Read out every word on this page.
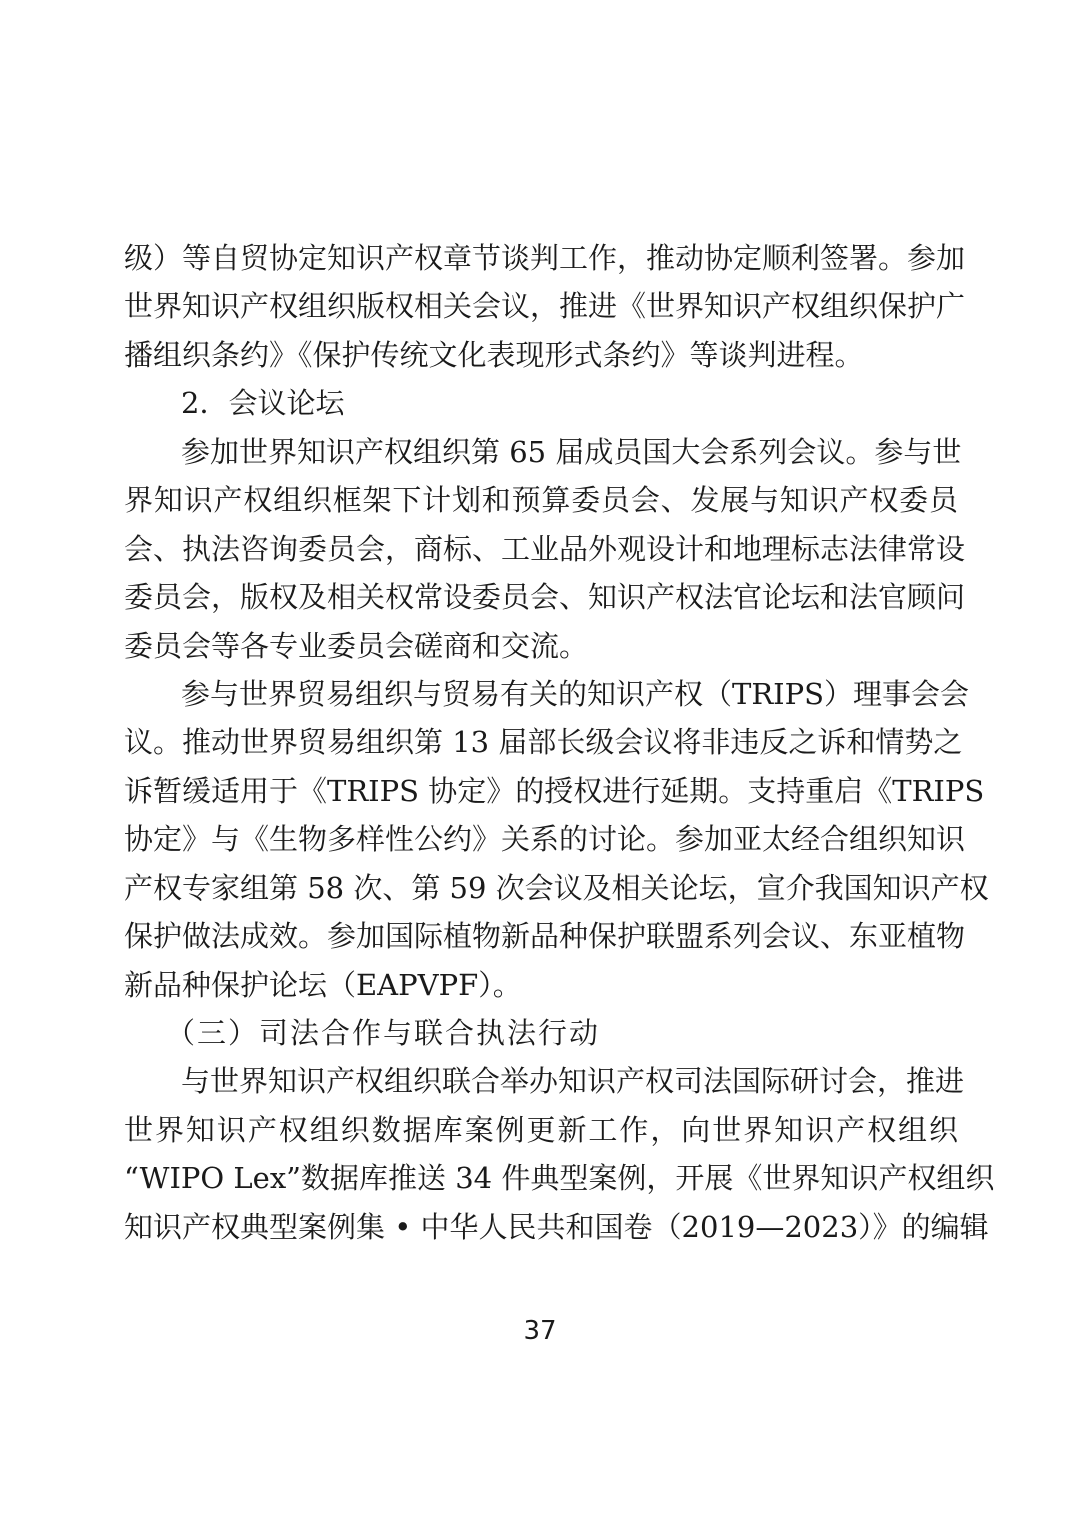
级）等自贸协定知识产权章节谈判工作，推动协定顺利签署。参加
世界知识产权组织版权相关会议，推进《世界知识产权组织保护广
播组织条约》《保护传统文化表现形式条约》等谈判进程。
2．会议论坛
参加世界知识产权组织第 65 届成员国大会系列会议。参与世
界知识产权组织框架下计划和预算委员会、发展与知识产权委员
会、执法咨询委员会，商标、工业品外观设计和地理标志法律常设
委员会，版权及相关权常设委员会、知识产权法官论坛和法官顾问
委员会等各专业委员会磋商和交流。
参与世界贸易组织与贸易有关的知识产权（TRIPS）理事会会
议。推动世界贸易组织第 13 届部长级会议将非违反之诉和情势之
诉暂缓适用于《TRIPS 协定》的授权进行延期。支持重启《TRIPS
协定》与《生物多样性公约》关系的讨论。参加亚太经合组织知识
产权专家组第 58 次、第 59 次会议及相关论坛，宣介我国知识产权
保护做法成效。参加国际植物新品种保护联盟系列会议、东亚植物
新品种保护论坛（EAPVPF）。
（三）司法合作与联合执法行动
与世界知识产权组织联合举办知识产权司法国际研讨会，推进
世界知识产权组织数据库案例更新工作，向世界知识产权组织
“WIPO Lex”数据库推送 34 件典型案例，开展《世界知识产权组织
知识产权典型案例集 • 中华人民共和国卷（2019—2023）》的编辑
37
